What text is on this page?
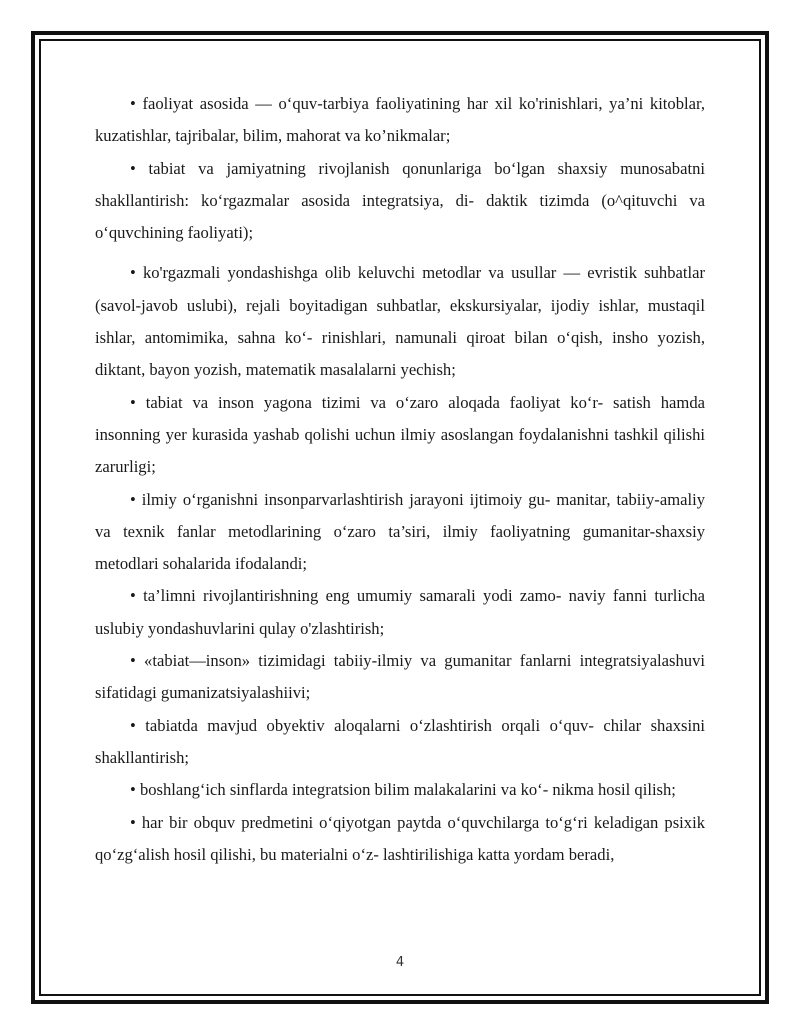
• faoliyat asosida — o‘quv-tarbiya faoliyatining har xil ko'rinishlari, ya’ni kitoblar, kuzatishlar, tajribalar, bilim, mahorat va ko’nikmalar;

• tabiat va jamiyatning rivojlanish qonunlariga bo‘lgan shaxsiy munosabatni shakllantirish: ko‘rgazmalar asosida integratsiya, di- daktik tizimda (o^qituvchi va o‘quvchining faoliyati);

• ko'rgazmali yondashishga olib keluvchi metodlar va usullar — evristik suhbatlar (savol-javob uslubi), rejali boyitadigan suhbatlar, ekskursiyalar, ijodiy ishlar, mustaqil ishlar, antomimika, sahna ko‘- rinishlari, namunali qiroat bilan o‘qish, insho yozish, diktant, bayon yozish, matematik masalalarni yechish;

• tabiat va inson yagona tizimi va o‘zaro aloqada faoliyat ko‘r- satish hamda insonning yer kurasida yashab qolishi uchun ilmiy asoslangan foydalanishni tashkil qilishi zarurligi;

• ilmiy o‘rganishni insonparvarlashtirish jarayoni ijtimoiy gu- manitar, tabiiy-amaliy va texnik fanlar metodlarining o‘zaro ta’siri, ilmiy faoliyatning gumanitar-shaxsiy metodlari sohalarida ifodalandi;

• ta’limni rivojlantirishning eng umumiy samarali yodi zamo- naviy fanni turlicha uslubiy yondashuvlarini qulay o'zlashtirish;

• «tabiat—inson» tizimidagi tabiiy-ilmiy va gumanitar fanlarni integratsiyalashuvi sifatidagi gumanizatsiyalashiivi;

• tabiatda mavjud obyektiv aloqalarni o‘zlashtirish orqali o‘quv- chilar shaxsini shakllantirish;

• boshlang‘ich sinflarda integratsion bilim malakalarini va ko‘- nikma hosil qilish;

• har bir obquv predmetini o‘qiyotgan paytda o‘quvchilarga to‘g‘ri keladigan psixik qo‘zg‘alish hosil qilishi, bu materialni o‘z- lashtirilishiga katta yordam beradi,

4
